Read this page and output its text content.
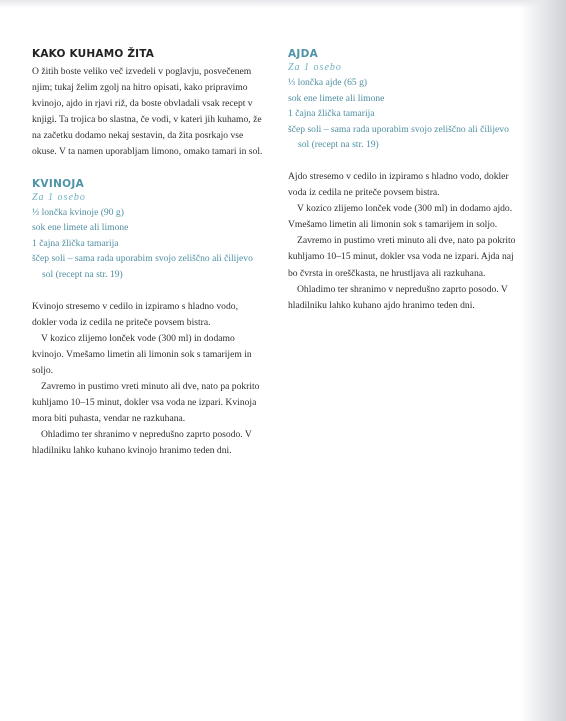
KAKO KUHAMO ŽITA

O žitih boste veliko več izvedeli v poglavju, posvečenem njim; tukaj želim zgolj na hitro opisati, kako pripravimo kvinojo, ajdo in rjavi riž, da boste obvladali vsak recept v knjigi. Ta trojica bo slastna, če vodi, v kateri jih kuhamo, že na začetku dodamo nekaj sestavin, da žita posrkajo vse okuse. V ta namen uporabljam limono, omako tamari in sol.

KVINOJA

Za 1 osebo

⅓ lončka kvinoje (90 g)
sok ene limete ali limone
1 čajna žlička tamarija
ščep soli – sama rada uporabim svojo zeliščno ali čilijevo sol (recept na str. 19)

Kvinojo stresemo v cedilo in izpiramo s hladno vodo, dokler voda iz cedila ne priteče povsem bistra.

V kozico zlijemo lonček vode (300 ml) in dodamo kvinojo. Vmešamo limetin ali limonin sok s tamarijem in soljo.

Zavremo in pustimo vreti minuto ali dve, nato pa pokrito kuhljamo 10–15 minut, dokler vsa voda ne izpari. Kvinoja mora biti puhasta, vendar ne razkuhana.

Ohladimo ter shranimo v nepredušno zaprto posodo. V hladilniku lahko kuhano kvinojo hranimo teden dni.

AJDA

Za 1 osebo

⅓ lončka ajde (65 g)
sok ene limete ali limone
1 čajna žlička tamarija
ščep soli – sama rada uporabim svojo zeliščno ali čilijevo sol (recept na str. 19)

Ajdo stresemo v cedilo in izpiramo s hladno vodo, dokler voda iz cedila ne priteče povsem bistra.

V kozico zlijemo lonček vode (300 ml) in dodamo ajdo. Vmešamo limetin ali limonin sok s tamarijem in soljo.

Zavremo in pustimo vreti minuto ali dve, nato pa pokrito kuhljamo 10–15 minut, dokler vsa voda ne izpari. Ajda naj bo čvrsta in oreščkasta, ne hrustljava ali razkuhana.

Ohladimo ter shranimo v nepredušno zaprto posodo. V hladilniku lahko kuhano ajdo hranimo teden dni.
